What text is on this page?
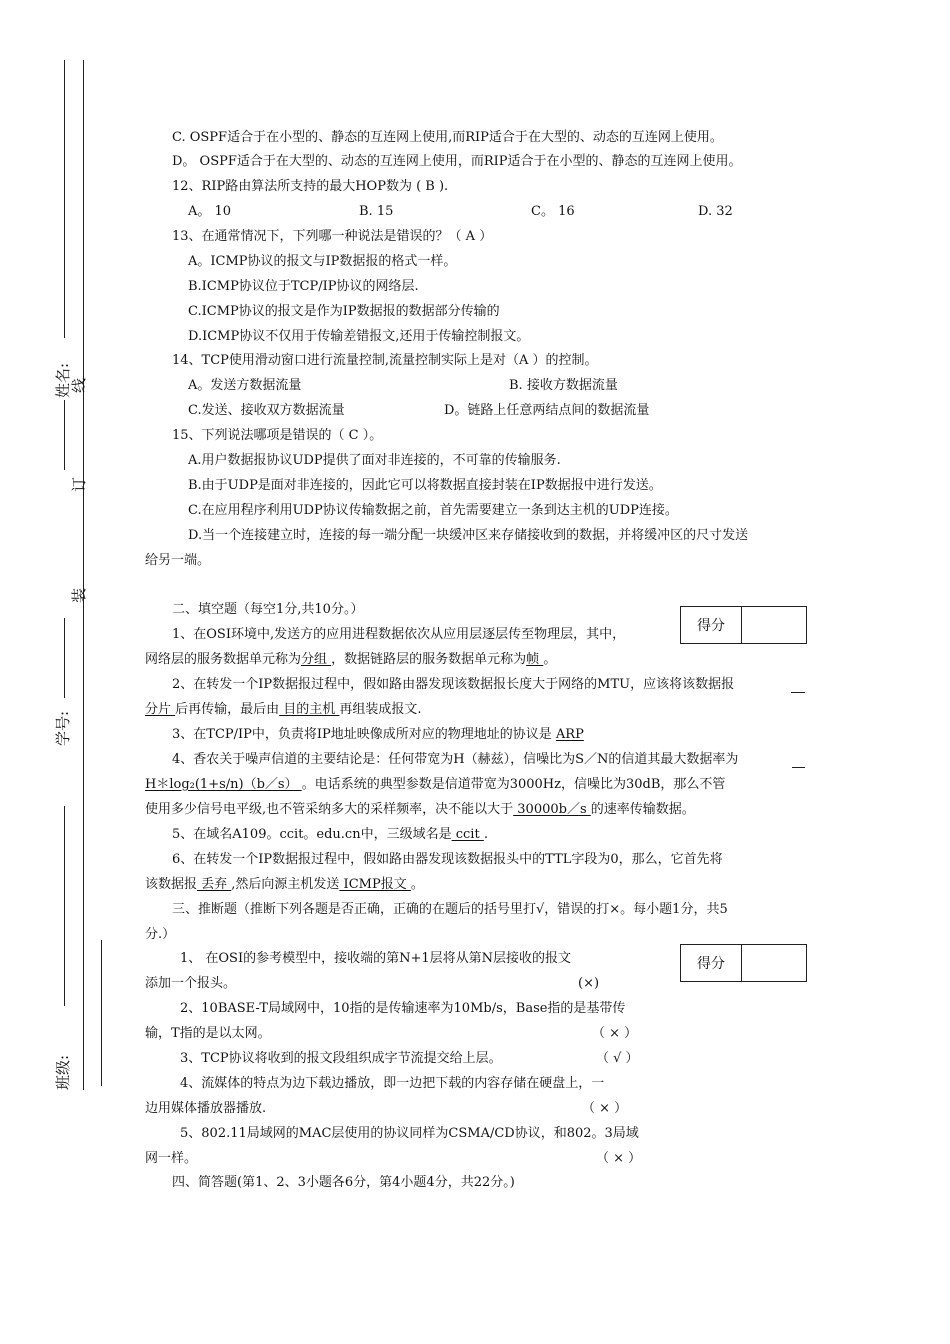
姓名:
线
订
装
学号:
班级:
C. OSPF适合于在小型的、静态的互连网上使用,而RIP适合于在大型的、动态的互连网上使用。
D。 OSPF适合于在大型的、动态的互连网上使用，而RIP适合于在小型的、静态的互连网上使用。
12、RIP路由算法所支持的最大HOP数为 ( B ).
A。 10	B. 15	C。 16	D. 32
13、在通常情况下，下列哪一种说法是错误的？（ A ）
A。ICMP协议的报文与IP数据报的格式一样。
B.ICMP协议位于TCP/IP协议的网络层.
C.ICMP协议的报文是作为IP数据报的数据部分传输的
D.ICMP协议不仅用于传输差错报文,还用于传输控制报文。
14、TCP使用滑动窗口进行流量控制,流量控制实际上是对（A ）的控制。
A。发送方数据流量	B. 接收方数据流量
C.发送、接收双方数据流量	D。链路上任意两结点间的数据流量
15、下列说法哪项是错误的（ C ）。
A.用户数据报协议UDP提供了面对非连接的，不可靠的传输服务.
B.由于UDP是面对非连接的，因此它可以将数据直接封装在IP数据报中进行发送。
C.在应用程序利用UDP协议传输数据之前，首先需要建立一条到达主机的UDP连接。
D.当一个连接建立时，连接的每一端分配一块缓冲区来存储接收到的数据，并将缓冲区的尺寸发送
给另一端。
二、填空题（每空1分,共10分。）
得分
1、在OSI环境中,发送方的应用进程数据依次从应用层逐层传至物理层，其中，
网络层的服务数据单元称为分组 ，数据链路层的服务数据单元称为帧 。
2、在转发一个IP数据报过程中，假如路由器发现该数据报长度大于网络的MTU，应该将该数据报
分片 后再传输，最后由 目的主机 再组装成报文.
3、在TCP/IP中，负责将IP地址映像成所对应的物理地址的协议是 ARP
4、香农关于噪声信道的主要结论是：任何带宽为H（赫兹），信噪比为S／N的信道其最大数据率为
H＊log₂(1+s/n)（b／s） 。电话系统的典型参数是信道带宽为3000Hz，信噪比为30dB，那么不管
使用多少信号电平级,也不管采纳多大的采样频率，决不能以大于 30000b／s 的速率传输数据。
5、在域名A109。ccit。edu.cn中，三级域名是 ccit .
6、在转发一个IP数据报过程中，假如路由器发现该数据报头中的TTL字段为0，那么，它首先将
该数据报 丢弃 ,然后向源主机发送 ICMP报文 。
三、推断题（推断下列各题是否正确，正确的在题后的括号里打√，错误的打×。每小题1分，共5
分.）
得分
1、 在OSI的参考模型中，接收端的第N+1层将从第N层接收的报文
添加一个报头。	(×)
2、10BASE-T局域网中，10指的是传输速率为10Mb/s，Base指的是基带传
输，T指的是以太网。	（ × ）
3、TCP协议将收到的报文段组织成字节流提交给上层。	（ √ ）
4、流媒体的特点为边下载边播放，即一边把下载的内容存储在硬盘上，一
边用媒体播放器播放.	（ × ）
5、802.11局域网的MAC层使用的协议同样为CSMA/CD协议，和802。3局域
网一样。	（ × ）
四、简答题(第1、2、3小题各6分，第4小题4分，共22分。)
